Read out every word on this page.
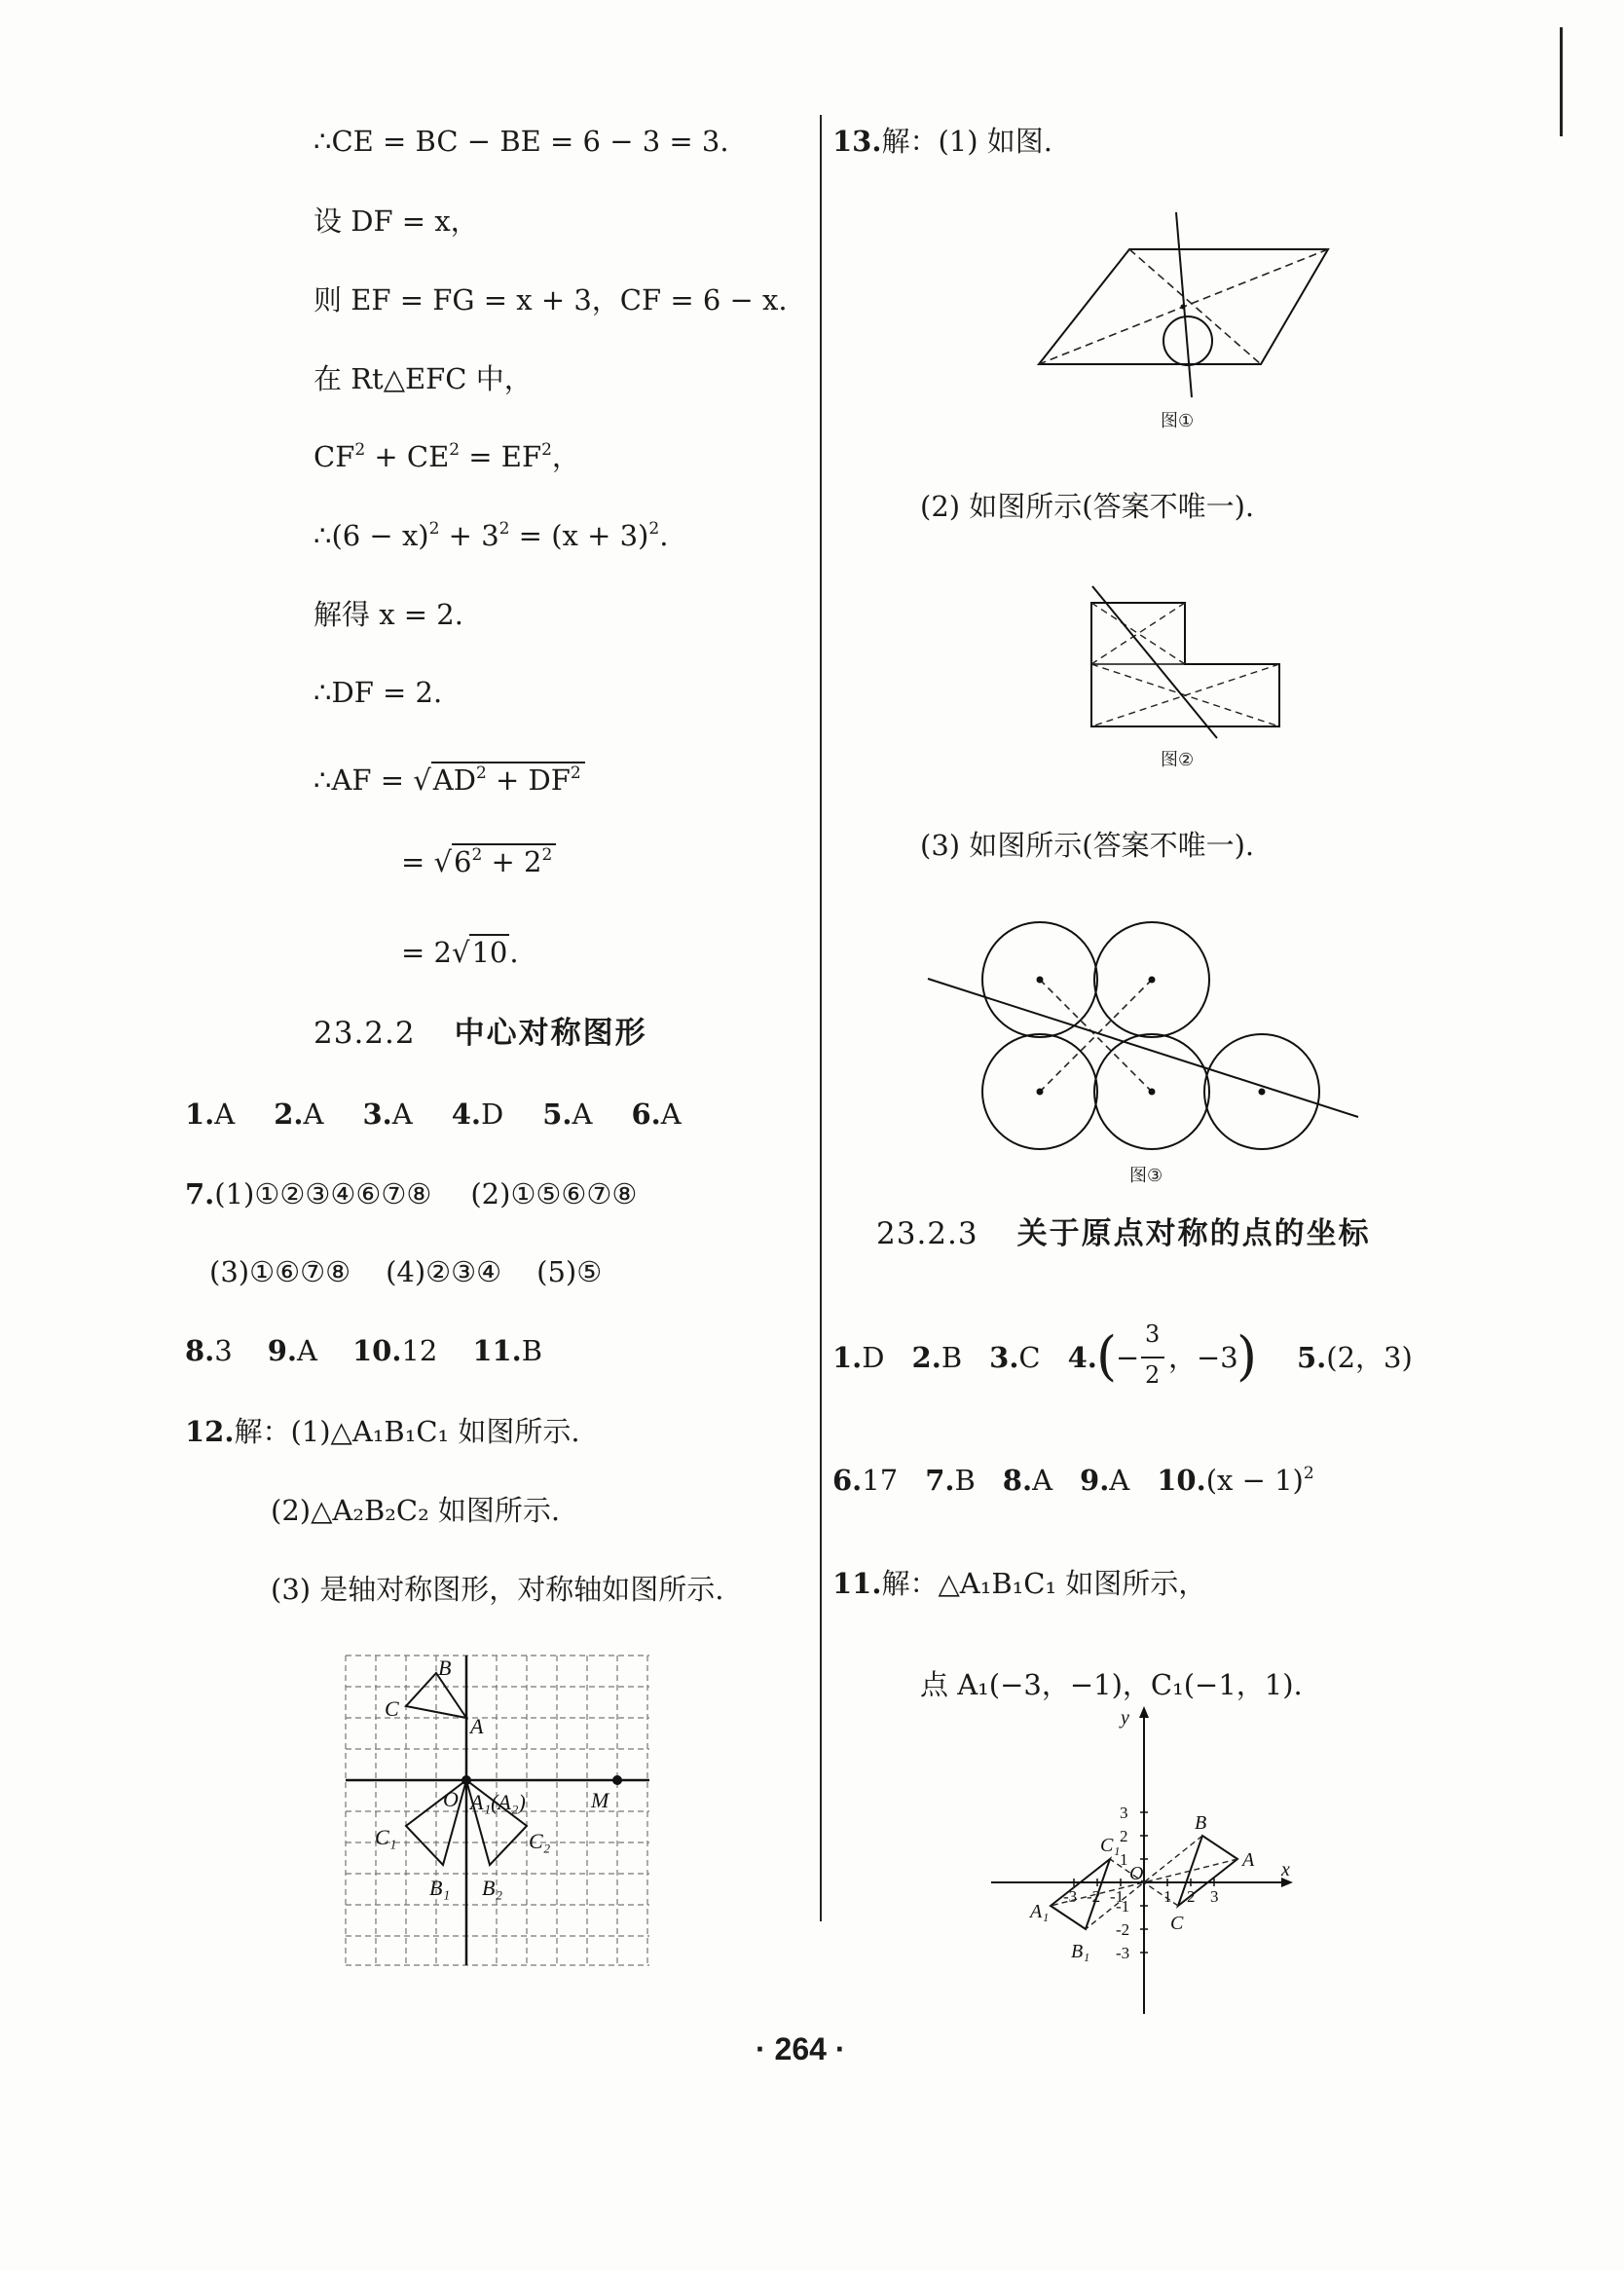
∴CE = BC − BE = 6 − 3 = 3.
设 DF = x，
则 EF = FG = x + 3，CF = 6 − x.
在 Rt△EFC 中，
$CF^2 + CE^2 = EF^2$，
∴(6 − $x)^2 + 3^2 = (x + 3)^2$.
解得 x = 2.
∴DF = 2.
∴AF = $√AD^2 + DF^2$
= $√6^2 + 2^2$
= 2√10.
23.2.2 中心对称图形
1.A 2.A 3.A 4.D 5.A 6.A
7.(1)①②③④⑥⑦⑧ (2)①⑤⑥⑦⑧
(3)①⑥⑦⑧ (4)②③④ (5)⑤
8.3 9.A 10.12 11.B
12.解：(1)△A₁B₁C₁ 如图所示.
(2)△A₂B₂C₂ 如图所示.
(3) 是轴对称图形，对称轴如图所示.
B
C
A
O A₁(A₂)	M
C₁	C₂
B₁ B₂
13.解：(1) 如图.
图①
(2) 如图所示(答案不唯一).
图②
(3) 如图所示(答案不唯一).
图③
23.2.3 关于原点对称的点的坐标
1.D 2.B 3.C 4. (
−
3
2
，−3
) 5.(2，3)
6.17 7.B 8.A 9.A $10.(x - 1)^2$
11.解：△A₁B₁C₁ 如图所示，
点 A₁(−3，−1)，C₁(−1，1).
-3 -2 -1 1 2 3
3
2
1
-1
-2
-3
x
y
O
A
B
C
A₁
B₁
C₁
· 264 ·
